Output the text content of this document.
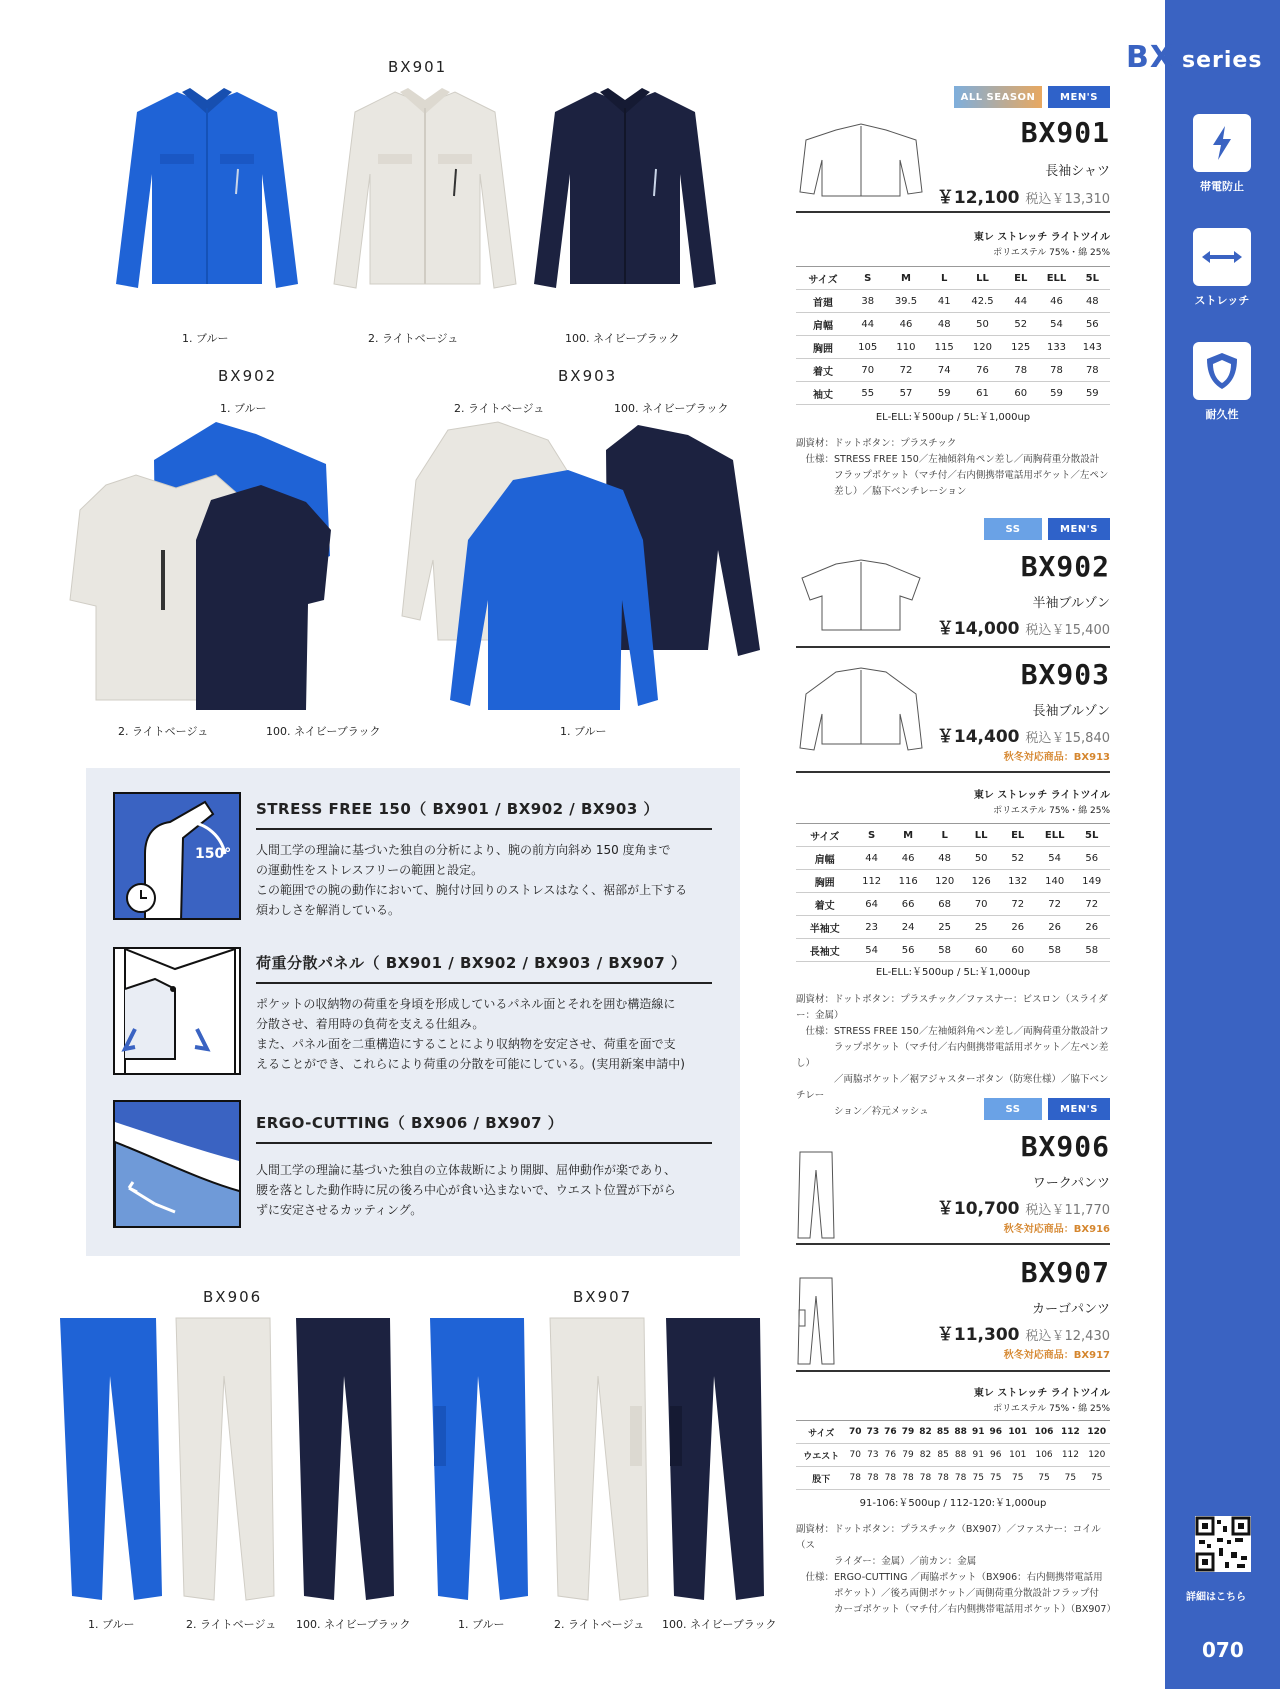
BX series
帯電防止
ストレッチ
耐久性
詳細はこちら
070
BX901
1. ブルー	2. ライトベージュ	100. ネイビーブラック
BX902	BX903
1. ブルー	2. ライトベージュ	100. ネイビーブラック
2. ライトベージュ	100. ネイビーブラック	1. ブルー
150°
STRESS FREE 150（ BX901 / BX902 / BX903 ）
人間工学の理論に基づいた独自の分析により、腕の前方向斜め 150 度角まで
の運動性をストレスフリーの範囲と設定。
この範囲での腕の動作において、腕付け回りのストレスはなく、裾部が上下する
煩わしさを解消している。
荷重分散パネル（ BX901 / BX902 / BX903 / BX907 ）
ポケットの収納物の荷重を身頃を形成しているパネル面とそれを囲む構造線に
分散させ、着用時の負荷を支える仕組み。
また、パネル面を二重構造にすることにより収納物を安定させ、荷重を面で支
えることができ、これらにより荷重の分散を可能にしている。(実用新案申請中)
ERGO-CUTTING（ BX906 / BX907 ）
人間工学の理論に基づいた独自の立体裁断により開脚、屈伸動作が楽であり、
腰を落とした動作時に尻の後ろ中心が食い込まないで、ウエスト位置が下がら
ずに安定させるカッティング。
BX906	BX907
1. ブルー	2. ライトベージュ 100. ネイビーブラック	1. ブルー	2. ライトベージュ 100. ネイビーブラック
ALL SEASON	MEN'S
BX901
長袖シャツ
￥12,100 税込￥13,310
東レ ストレッチ ライトツイル
ポリエステル 75%・綿 25%
サイズ	S	M	L	LL	EL	ELL	5L
首廻	38	39.5	41	42.5	44	46	48
肩幅	44	46	48	50	52	54	56
胸囲	105	110	115	120	125	133	143
着丈	70	72	74	76	78	78	78
袖丈	55	57	59	61	60	59	59
EL-ELL:￥500up / 5L:￥1,000up
副資材：ドットボタン：プラスチック
　仕様：STRESS FREE 150／左袖傾斜角ペン差し／両胸荷重分散設計
　　　　フラップポケット（マチ付／右内側携帯電話用ポケット／左ペン
　　　　差し）／脇下ベンチレーション
SS	MEN'S
BX902
半袖ブルゾン
￥14,000 税込￥15,400
BX903
長袖ブルゾン
￥14,400 税込￥15,840
秋冬対応商品：BX913
東レ ストレッチ ライトツイル
ポリエステル 75%・綿 25%
サイズ	S	M	L	LL	EL	ELL	5L
肩幅	44	46	48	50	52	54	56
胸囲	112	116	120	126	132	140	149
着丈	64	66	68	70	72	72	72
半袖丈	23	24	25	25	26	26	26
長袖丈	54	56	58	60	60	58	58
EL-ELL:￥500up / 5L:￥1,000up
副資材：ドットボタン：プラスチック／ファスナー：ビスロン（スライダー：金属）
　仕様：STRESS FREE 150／左袖傾斜角ペン差し／両胸荷重分散設計フ
　　　　ラップポケット（マチ付／右内側携帯電話用ポケット／左ペン差し）
　　　　／両脇ポケット／裾アジャスターボタン（防寒仕様）／脇下ベンチレー
　　　　ション／衿元メッシュ	SS	MEN'S
BX906
ワークパンツ
￥10,700 税込￥11,770
秋冬対応商品：BX916
BX907
カーゴパンツ
￥11,300 税込￥12,430
秋冬対応商品：BX917
東レ ストレッチ ライトツイル
ポリエステル 75%・綿 25%
サイズ	70	73	76	79	82	85	88	91	96	101	106	112	120
ウエスト	70	73	76	79	82	85	88	91	96	101	106	112	120
股下	78	78	78	78	78	78	78	75	75	75	75	75	75
91-106:￥500up / 112-120:￥1,000up
副資材：ドットボタン：プラスチック（BX907）／ファスナー：コイル（ス
　　　　ライダー：金属）／前カン：金属
　仕様：ERGO-CUTTING ／両脇ポケット（BX906：右内側携帯電話用
　　　　ポケット）／後ろ両側ポケット／両側荷重分散設計フラップ付
　　　　カーゴポケット（マチ付／右内側携帯電話用ポケット）（BX907）
